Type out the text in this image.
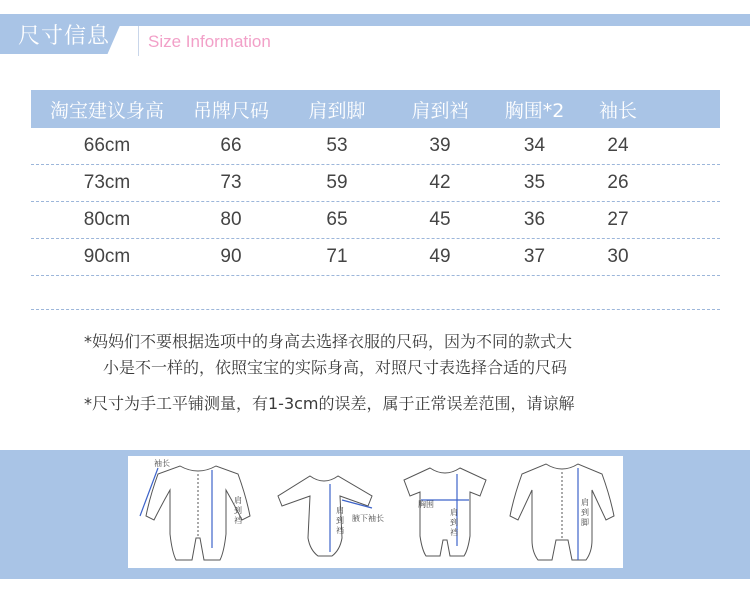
尺寸信息 Size Information
淘宝建议身高	吊牌尺码	肩到脚	肩到裆	胸围*2	袖长
66cm	66	53	39	34	24
73cm	73	59	42	35	26
80cm	80	65	45	36	27
90cm	90	71	49	37	30

*妈妈们不要根据选项中的身高去选择衣服的尺码，因为不同的款式大

小是不一样的，依照宝宝的实际身高，对照尺寸表选择合适的尺码

*尺寸为手工平铺测量，有1-3cm的误差，属于正常误差范围，请谅解

袖长
肩到裆
肩到裆
腋下袖长
胸围
肩到裆
肩到脚
